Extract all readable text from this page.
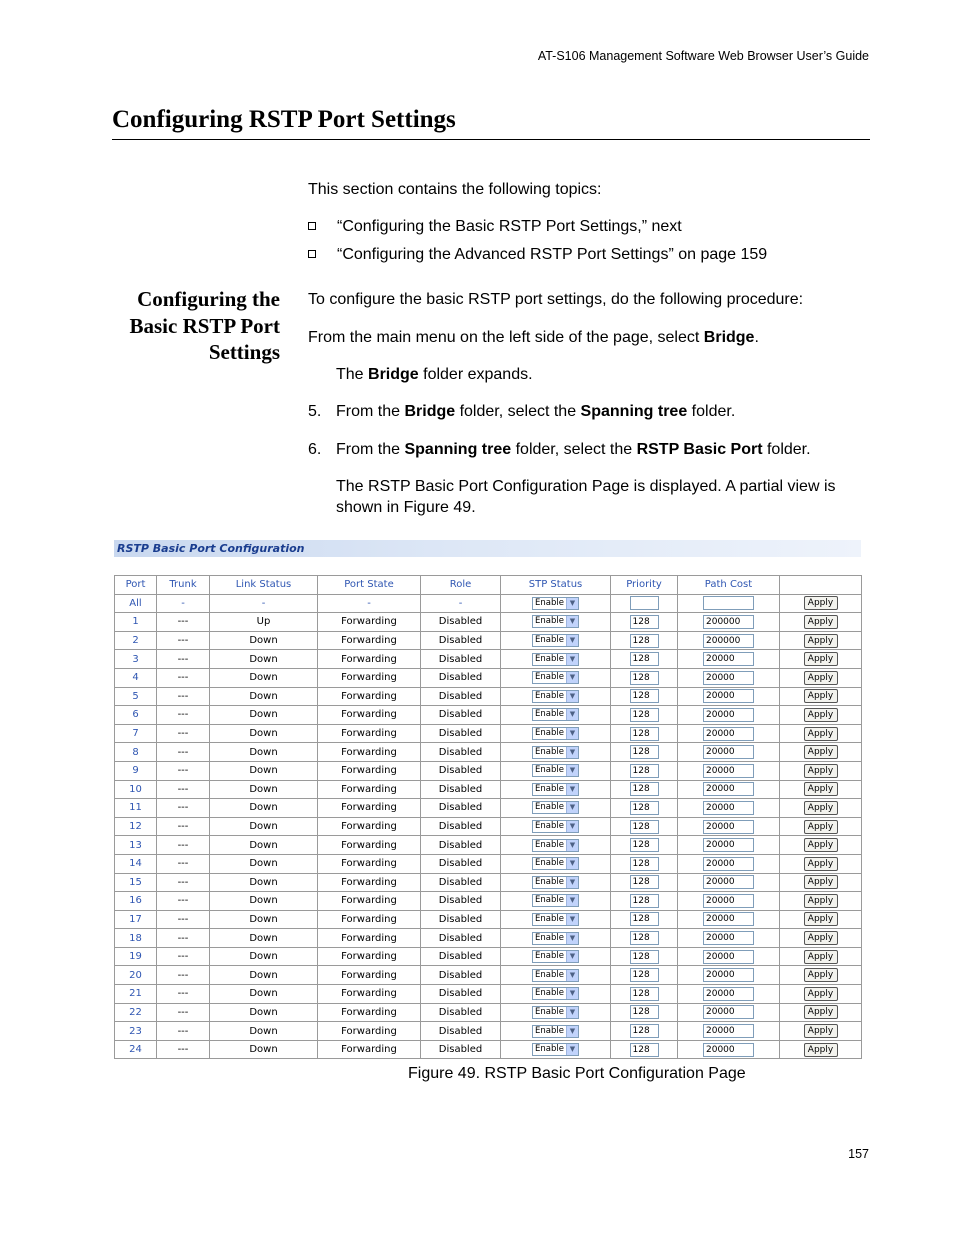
AT-S106 Management Software Web Browser User’s Guide
Configuring RSTP Port Settings
This section contains the following topics:
“Configuring the Basic RSTP Port Settings,” next
“Configuring the Advanced RSTP Port Settings” on page 159
Configuring the
Basic RSTP Port
Settings
To configure the basic RSTP port settings, do the following procedure:
From the main menu on the left side of the page, select Bridge.
The Bridge folder expands.
5. From the Bridge folder, select the Spanning tree folder.
6. From the Spanning tree folder, select the RSTP Basic Port folder.
The RSTP Basic Port Configuration Page is displayed. A partial view is shown in Figure 49.
RSTP Basic Port Configuration
Port	Trunk	Link Status	Port State	Role	STP Status	Priority	Path Cost	
All	-	-	-	-	Enable ▼			Apply
1	---	Up	Forwarding	Disabled	Enable ▼	128	200000	Apply
2	---	Down	Forwarding	Disabled	Enable ▼	128	200000	Apply
3	---	Down	Forwarding	Disabled	Enable ▼	128	20000	Apply
4	---	Down	Forwarding	Disabled	Enable ▼	128	20000	Apply
5	---	Down	Forwarding	Disabled	Enable ▼	128	20000	Apply
6	---	Down	Forwarding	Disabled	Enable ▼	128	20000	Apply
7	---	Down	Forwarding	Disabled	Enable ▼	128	20000	Apply
8	---	Down	Forwarding	Disabled	Enable ▼	128	20000	Apply
9	---	Down	Forwarding	Disabled	Enable ▼	128	20000	Apply
10	---	Down	Forwarding	Disabled	Enable ▼	128	20000	Apply
11	---	Down	Forwarding	Disabled	Enable ▼	128	20000	Apply
12	---	Down	Forwarding	Disabled	Enable ▼	128	20000	Apply
13	---	Down	Forwarding	Disabled	Enable ▼	128	20000	Apply
14	---	Down	Forwarding	Disabled	Enable ▼	128	20000	Apply
15	---	Down	Forwarding	Disabled	Enable ▼	128	20000	Apply
16	---	Down	Forwarding	Disabled	Enable ▼	128	20000	Apply
17	---	Down	Forwarding	Disabled	Enable ▼	128	20000	Apply
18	---	Down	Forwarding	Disabled	Enable ▼	128	20000	Apply
19	---	Down	Forwarding	Disabled	Enable ▼	128	20000	Apply
20	---	Down	Forwarding	Disabled	Enable ▼	128	20000	Apply
21	---	Down	Forwarding	Disabled	Enable ▼	128	20000	Apply
22	---	Down	Forwarding	Disabled	Enable ▼	128	20000	Apply
23	---	Down	Forwarding	Disabled	Enable ▼	128	20000	Apply
24	---	Down	Forwarding	Disabled	Enable ▼	128	20000	Apply
Figure 49. RSTP Basic Port Configuration Page
157
